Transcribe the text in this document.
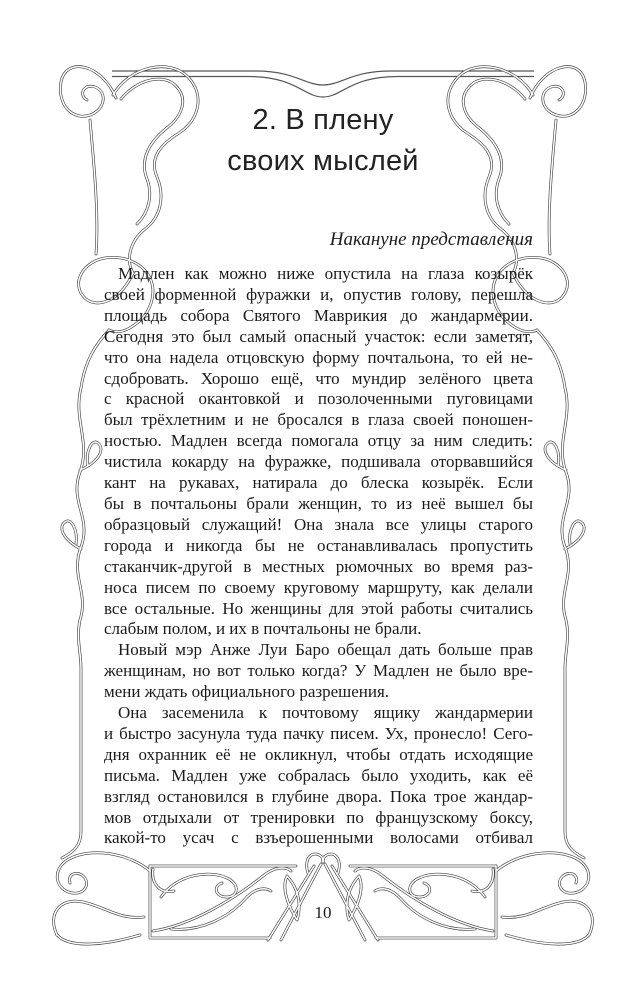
2. В плену
своих мыслей
Накануне представления
Мадлен как можно ниже опустила на глаза козырёк
своей форменной фуражки и, опустив голову, перешла
площадь собора Святого Маврикия до жандармерии.
Сегодня это был самый опасный участок: если заметят,
что она надела отцовскую форму почтальона, то ей не-
сдобровать. Хорошо ещё, что мундир зелёного цвета
с красной окантовкой и позолоченными пуговицами
был трёхлетним и не бросался в глаза своей поношен-
ностью. Мадлен всегда помогала отцу за ним следить:
чистила кокарду на фуражке, подшивала оторвавшийся
кант на рукавах, натирала до блеска козырёк. Если
бы в почтальоны брали женщин, то из неё вышел бы
образцовый служащий! Она знала все улицы старого
города и никогда бы не останавливалась пропустить
стаканчик-другой в местных рюмочных во время раз-
носа писем по своему круговому маршруту, как делали
все остальные. Но женщины для этой работы считались
слабым полом, и их в почтальоны не брали.
Новый мэр Анже Луи Баро обещал дать больше прав
женщинам, но вот только когда? У Мадлен не было вре-
мени ждать официального разрешения.
Она засеменила к почтовому ящику жандармерии
и быстро засунула туда пачку писем. Ух, пронесло! Сего-
дня охранник её не окликнул, чтобы отдать исходящие
письма. Мадлен уже собралась было уходить, как её
взгляд остановился в глубине двора. Пока трое жандар-
мов отдыхали от тренировки по французскому боксу,
какой-то усач с взъерошенными волосами отбивал
10
